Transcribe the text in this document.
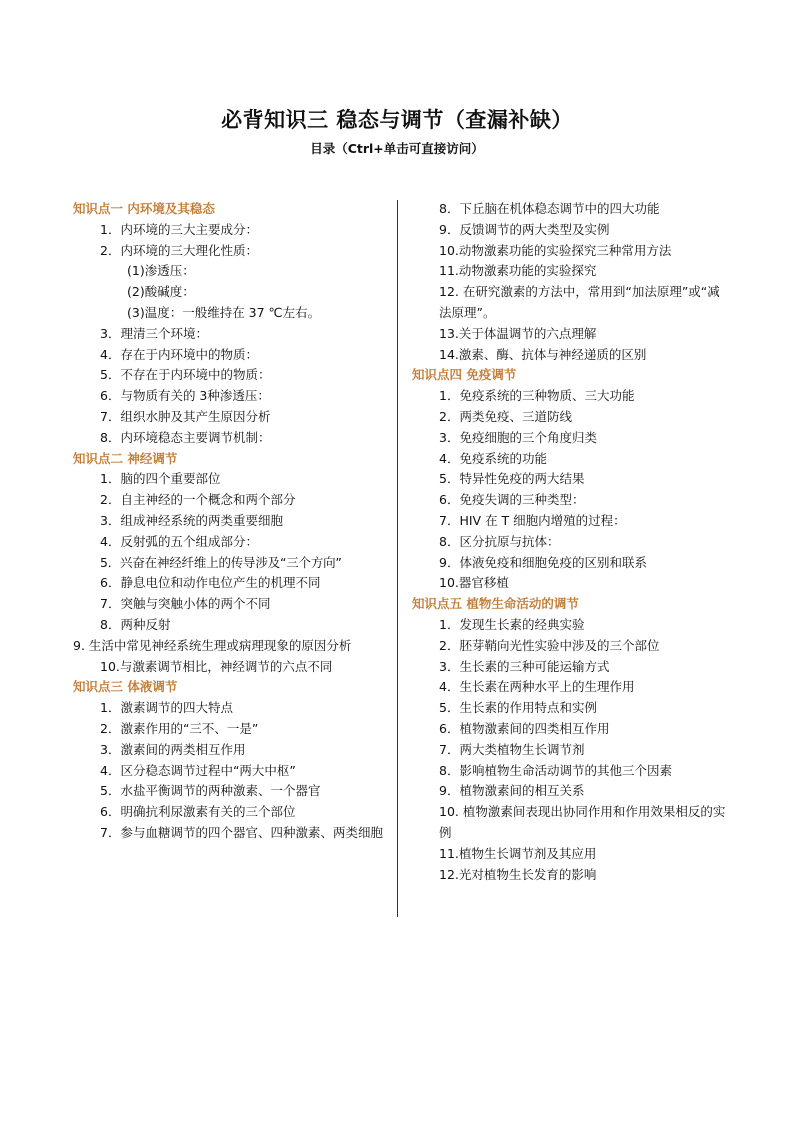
必背知识三 稳态与调节（查漏补缺）
目录（Ctrl+单击可直接访问）
知识点一 内环境及其稳态
1．内环境的三大主要成分：
2．内环境的三大理化性质：
(1)渗透压：
(2)酸碱度：
(3)温度：一般维持在 37 ℃左右。
3．理清三个环境：
4．存在于内环境中的物质：
5．不存在于内环境中的物质：
6．与物质有关的 3种渗透压：
7．组织水肿及其产生原因分析
8．内环境稳态主要调节机制：
知识点二 神经调节
1．脑的四个重要部位
2．自主神经的一个概念和两个部分
3．组成神经系统的两类重要细胞
4．反射弧的五个组成部分：
5．兴奋在神经纤维上的传导涉及“三个方向”
6．静息电位和动作电位产生的机理不同
7．突触与突触小体的两个不同
8．两种反射
9. 生活中常见神经系统生理或病理现象的原因分析
10.与激素调节相比，神经调节的六点不同
知识点三 体液调节
1．激素调节的四大特点
2．激素作用的“三不、一是”
3．激素间的两类相互作用
4．区分稳态调节过程中“两大中枢”
5．水盐平衡调节的两种激素、一个器官
6．明确抗利尿激素有关的三个部位
7．参与血糖调节的四个器官、四种激素、两类细胞
8．下丘脑在机体稳态调节中的四大功能
9．反馈调节的两大类型及实例
10.动物激素功能的实验探究三种常用方法
11.动物激素功能的实验探究
12. 在研究激素的方法中，常用到“加法原理”或“减法原理”。
13.关于体温调节的六点理解
14.激素、酶、抗体与神经递质的区别
知识点四 免疫调节
1．免疫系统的三种物质、三大功能
2．两类免疫、三道防线
3．免疫细胞的三个角度归类
4．免疫系统的功能
5．特异性免疫的两大结果
6．免疫失调的三种类型：
7．HIV 在 T 细胞内增殖的过程：
8．区分抗原与抗体：
9．体液免疫和细胞免疫的区别和联系
10.器官移植
知识点五 植物生命活动的调节
1．发现生长素的经典实验
2．胚芽鞘向光性实验中涉及的三个部位
3．生长素的三种可能运输方式
4．生长素在两种水平上的生理作用
5．生长素的作用特点和实例
6．植物激素间的四类相互作用
7．两大类植物生长调节剂
8．影响植物生命活动调节的其他三个因素
9．植物激素间的相互关系
10. 植物激素间表现出协同作用和作用效果相反的实例
11.植物生长调节剂及其应用
12.光对植物生长发育的影响
